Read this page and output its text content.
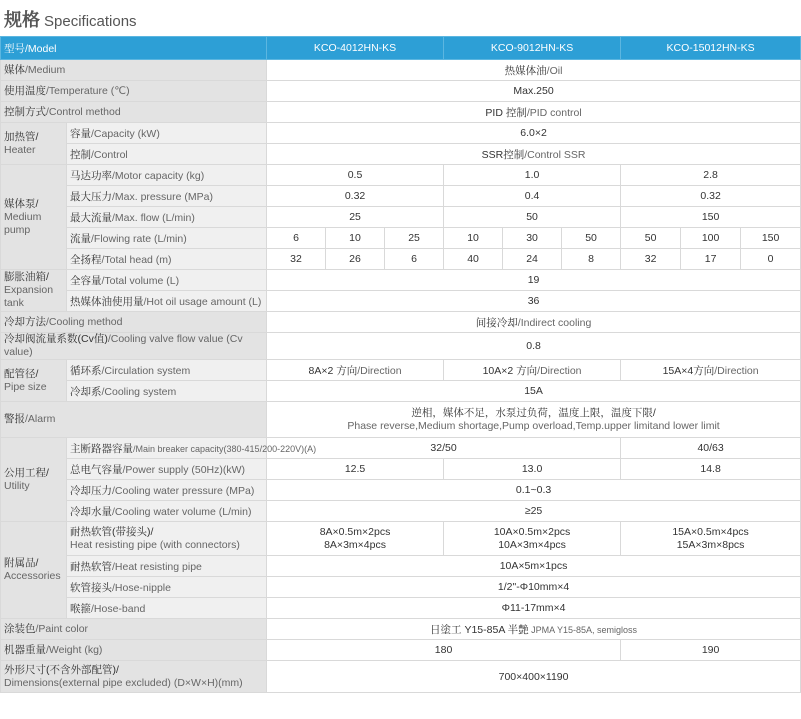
规格 Specifications
型号/Model		KCO-4012HN-KS			KCO-9012HN-KS			KCO-15012HN-KS		
媒体/Medium		热媒体油/Oil								
使用温度/Temperature (℃)		Max.250								
控制方式/Control method		PID 控制/PID control								
加热管/
Heater	容量/Capacity (kW)	6.0×2								
	控制/Control	SSR控制/Control SSR								
媒体泵/
Medium
pump	马达功率/Motor capacity (kg)	0.5			1.0			2.8		
	最大压力/Max. pressure (MPa)	0.32			0.4			0.32		
	最大流量/Max. flow (L/min)	25			50			150		
	流量/Flowing rate (L/min)	6	10	25	10	30	50	50	100	150
	全扬程/Total head (m)	32	26	6	40	24	8	32	17	0
膨胀油箱/
Expansion
tank	全容量/Total volume (L)	19								
	热媒体油使用量/Hot oil usage amount (L)	36								
冷却方法/Cooling method		间接冷却/Indirect cooling								
冷却阀流量系数(Cv值)/Cooling valve flow value (Cv value)		0.8								
配管径/
Pipe size	循环系/Circulation system	8A×2 方向/Direction			10A×2 方向/Direction			15A×4方向/Direction		
	冷却系/Cooling system	15A								
警报/Alarm		逆相，媒体不足，水泵过负荷，温度上限，温度下限/
Phase reverse,Medium shortage,Pump overload,Temp.upper limitand lower limit								
公用工程/
Utility	主断路器容量/Main breaker capacity(380-415/200-220V)(A)	32/50						40/63		
	总电气容量/Power supply (50Hz)(kW)	12.5			13.0			14.8		
	冷却压力/Cooling water pressure (MPa)	0.1~0.3								
	冷却水量/Cooling water volume (L/min)	≥25								
附属品/
Accessories	耐热软管(带接头)/
Heat resisting pipe (with connectors)	8A×0.5m×2pcs
8A×3m×4pcs			10A×0.5m×2pcs
10A×3m×4pcs			15A×0.5m×4pcs
15A×3m×8pcs		
	耐热软管/Heat resisting pipe	10A×5m×1pcs								
	软管接头/Hose-nipple	1/2"-Φ10mm×4								
	喉箍/Hose-band	Φ11-17mm×4								
涂装色/Paint color		日塗工 Y15-85A 半艶 JPMA Y15-85A, semigloss								
机器重量/Weight (kg)		180						190		
外形尺寸(不含外部配管)/
Dimensions(external pipe excluded) (D×W×H)(mm)		700×400×1190								
